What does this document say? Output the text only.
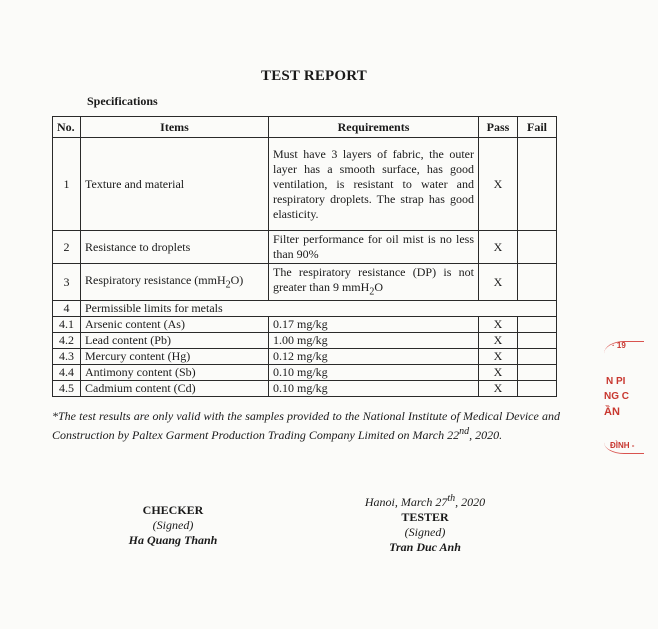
TEST REPORT
Specifications
No.	Items	Requirements	Pass	Fail
1	Texture and material	Must have 3 layers of fabric, the outer layer has a smooth surface, has good ventilation, is resistant to water and respiratory droplets. The strap has good elasticity.	X	
2	Resistance to droplets	Filter performance for oil mist is no less than 90%	X	
3	Respiratory resistance (mmH$_2$O)	The respiratory resistance (DP) is not greater than 9 mmH$_2$O	X	
4	Permissible limits for metals			
4.1	Arsenic content (As)	0.17 mg/kg	X	
4.2	Lead content (Pb)	1.00 mg/kg	X	
4.3	Mercury content (Hg)	0.12 mg/kg	X	
4.4	Antimony content (Sb)	0.10 mg/kg	X	
4.5	Cadmium content (Cd)	0.10 mg/kg	X	
*The test results are only valid with the samples provided to the National Institute of Medical Device and Construction by Paltex Garment Production Trading Company Limited on March 22nd, 2020.
CHECKER
(Signed)
Ha Quang Thanh
Hanoi, March 27th, 2020
TESTER
(Signed)
Tran Duc Anh
· 19
N PI
NG C
ẦN
ĐÌNH -
